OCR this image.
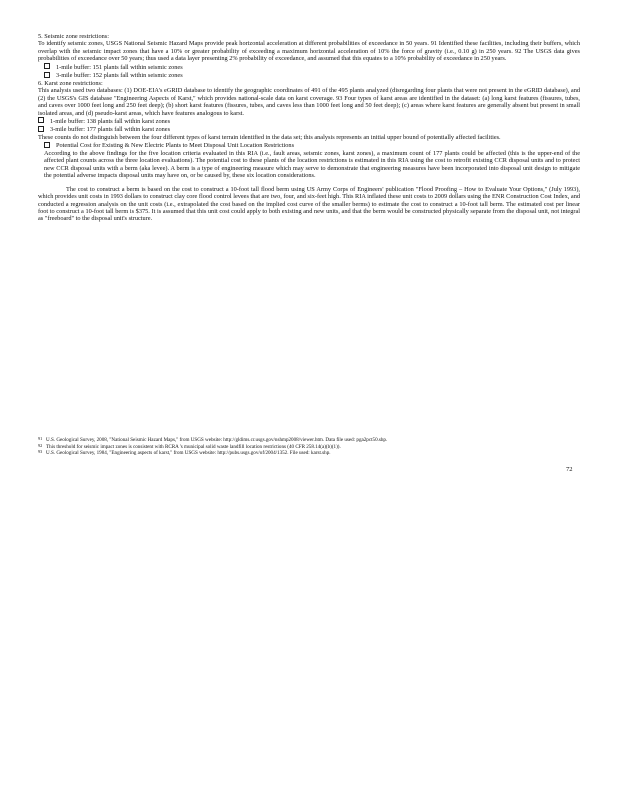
5. Seismic zone restrictions:

To identify seismic zones, USGS National Seismic Hazard Maps provide peak horizontal acceleration at different probabilities of exceedance in 50 years. 91 Identified these facilities, including their buffers, which overlap with the seismic impact zones that have a 10% or greater probability of exceeding a maximum horizontal acceleration of 10% the force of gravity (i.e., 0.10 g) in 250 years. 92 The USGS data gives probabilities of exceedance over 50 years; thus used a data layer presenting 2% probability of exceedance, and assumed that this equates to a 10% probability of exceedance in 250 years.

1-mile buffer: 151 plants fall within seismic zones

3-mile buffer: 152 plants fall within seismic zones

6. Karst zone restrictions:

This analysis used two databases: (1) DOE-EIA's eGRID database to identify the geographic coordinates of 491 of the 495 plants analyzed (disregarding four plants that were not present in the eGRID database), and (2) the USGS's GIS database "Engineering Aspects of Karst," which provides national-scale data on karst coverage. 93 Four types of karst areas are identified in the dataset: (a) long karst features (fissures, tubes, and caves over 1000 feet long and 250 feet deep); (b) short karst features (fissures, tubes, and caves less than 1000 feet long and 50 feet deep); (c) areas where karst features are generally absent but present in small isolated areas, and (d) pseudo-karst areas, which have features analogous to karst.

1-mile buffer: 138 plants fall within karst zones

3-mile buffer: 177 plants fall within karst zones

These counts do not distinguish between the four different types of karst terrain identified in the data set; this analysis represents an initial upper bound of potentially affected facilities.

Potential Cost for Existing & New Electric Plants to Meet Disposal Unit Location Restrictions

According to the above findings for the five location criteria evaluated in this RIA (i.e., fault areas, seismic zones, karst zones), a maximum count of 177 plants could be affected (this is the upper-end of the affected plant counts across the three location evaluations). The potential cost to these plants of the location restrictions is estimated in this RIA using the cost to retrofit existing CCR disposal units and to protect new CCR disposal units with a berm (aka levee). A berm is a type of engineering measure which may serve to demonstrate that engineering measures have been incorporated into disposal unit design to mitigate the potential adverse impacts disposal units may have on, or be caused by, these six location considerations.

The cost to construct a berm is based on the cost to construct a 10-foot tall flood berm using US Army Corps of Engineers' publication "Flood Proofing – How to Evaluate Your Options," (July 1993), which provides unit costs in 1993 dollars to construct clay core flood control levees that are two, four, and six-feet high. This RIA inflated these unit costs to 2009 dollars using the ENR Construction Cost Index, and conducted a regression analysis on the unit costs (i.e., extrapolated the cost based on the implied cost curve of the smaller berms) to estimate the cost to construct a 10-foot tall berm. The estimated cost per linear foot to construct a 10-foot tall berm is $375. It is assumed that this unit cost could apply to both existing and new units, and that the berm would be constructed physically separate from the disposal unit, not integral as "freeboard" to the disposal unit's structure.

91 U.S. Geological Survey, 2008, "National Seismic Hazard Maps," from USGS website: http://gldims.cr.usgs.gov/nshmp2008/viewer.htm. Data file used: pga2pct50.shp.

92 This threshold for seismic impact zones is consistent with RCRA 's municipal solid waste landfill location restrictions (40 CFR 258.14(a)(b)(1)).

93 U.S. Geological Survey, 1984, "Engineering aspects of karst," from USGS website: http://pubs.usgs.gov/of/2004/1352. File used: karst.shp.

72
